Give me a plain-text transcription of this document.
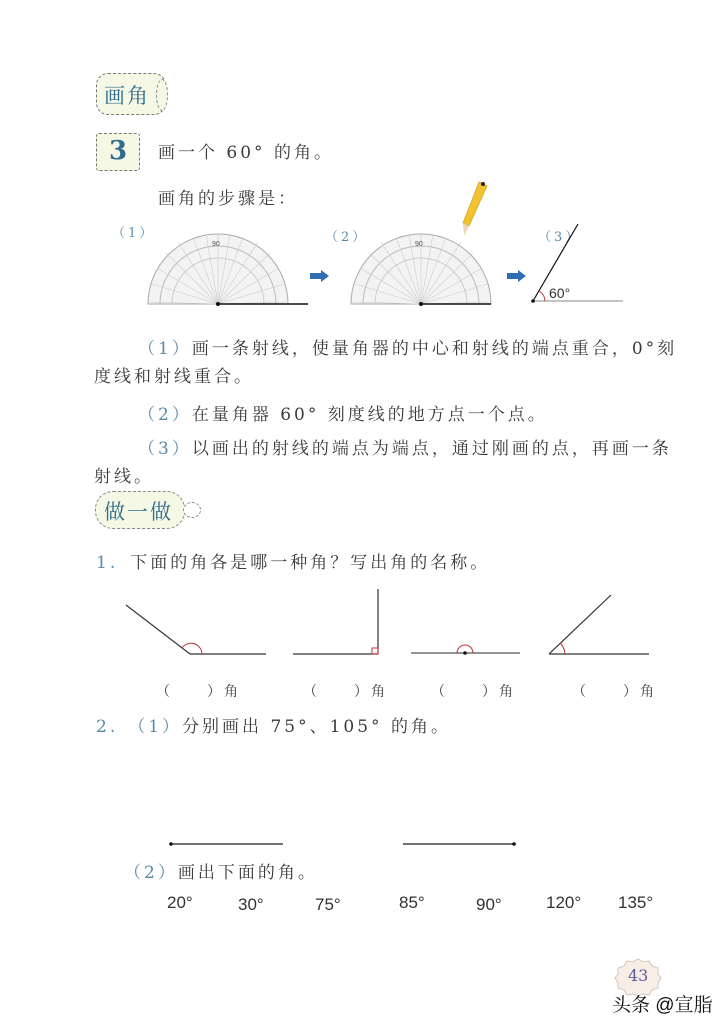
画角
3 画一个 60° 的角。
画角的步骤是：
（1）	（2）	（3）
90	90
60°
（1）画一条射线，使量角器的中心和射线的端点重合，0°刻
度线和射线重合。
（2）在量角器 60° 刻度线的地方点一个点。
（3）以画出的射线的端点为端点，通过刚画的点，再画一条
射线。
做一做
1. 下面的角各是哪一种角？写出角的名称。
（　　）角	（　　）角	（　　）角	（　　）角
2. （1）分别画出 75°、105° 的角。
（2）画出下面的角。
20°	30°	75°	85°	90°	120° 135°
43
头条 @宣脂
